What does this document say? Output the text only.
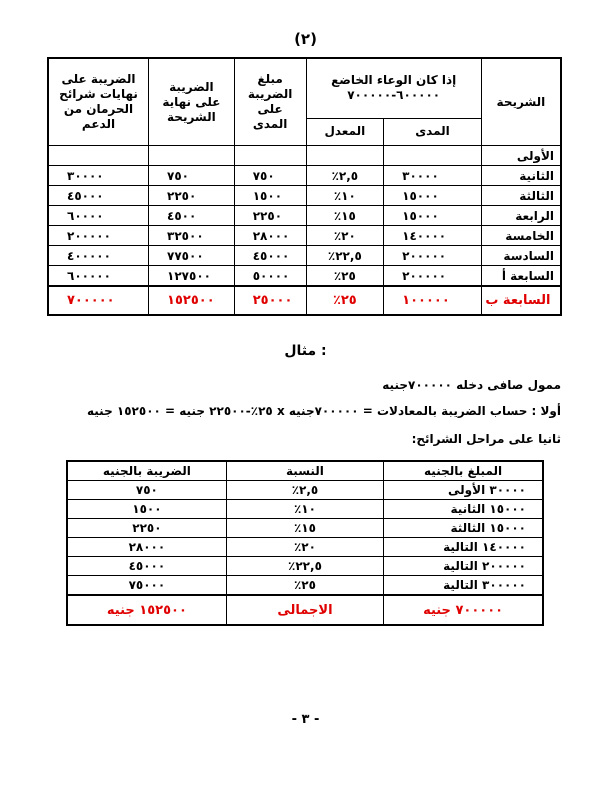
(٢)
الشريحة	إذا كان الوعاء الخاضع ٦٠٠٠٠٠-٧٠٠٠٠٠		مبلغ الضريبة على المدى	الضريبة على نهاية الشريحة	الضريبة على نهايات شرائح الحرمان من الدعم
	المدى	المعدل			
الأولى					
الثانية	٣٠٠٠٠	٢,٥٪	٧٥٠	٧٥٠	٣٠٠٠٠
الثالثة	١٥٠٠٠	١٠٪	١٥٠٠	٢٢٥٠	٤٥٠٠٠
الرابعة	١٥٠٠٠	١٥٪	٢٢٥٠	٤٥٠٠	٦٠٠٠٠
الخامسة	١٤٠٠٠٠	٢٠٪	٢٨٠٠٠	٣٢٥٠٠	٢٠٠٠٠٠
السادسة	٢٠٠٠٠٠	٢٢,٥٪	٤٥٠٠٠	٧٧٥٠٠	٤٠٠٠٠٠
السابعة أ	٢٠٠٠٠٠	٢٥٪	٥٠٠٠٠	١٢٧٥٠٠	٦٠٠٠٠٠
السابعة ب	١٠٠٠٠٠	٢٥٪	٢٥٠٠٠	١٥٢٥٠٠	٧٠٠٠٠٠
مثال :
ممول صافى دخله ٧٠٠٠٠٠جنيه
أولا : حساب الضريبة بالمعادلات = ٧٠٠٠٠٠جنيه x ٢٥٪-٢٢٥٠٠ جنيه = ١٥٢٥٠٠ جنيه
ثانيا على مراحل الشرائح:
المبلغ بالجنيه	النسبة	الضريبة بالجنيه
٣٠٠٠٠ الأولى	٢,٥٪	٧٥٠
١٥٠٠٠ الثانية	١٠٪	١٥٠٠
١٥٠٠٠ الثالثة	١٥٪	٢٢٥٠
١٤٠٠٠٠ التالية	٢٠٪	٢٨٠٠٠
٢٠٠٠٠٠ التالية	٢٢,٥٪	٤٥٠٠٠
٣٠٠٠٠٠ التالية	٢٥٪	٧٥٠٠٠
٧٠٠٠٠٠ جنيه	الاجمالى	١٥٢٥٠٠ جنيه
- ٣ -
